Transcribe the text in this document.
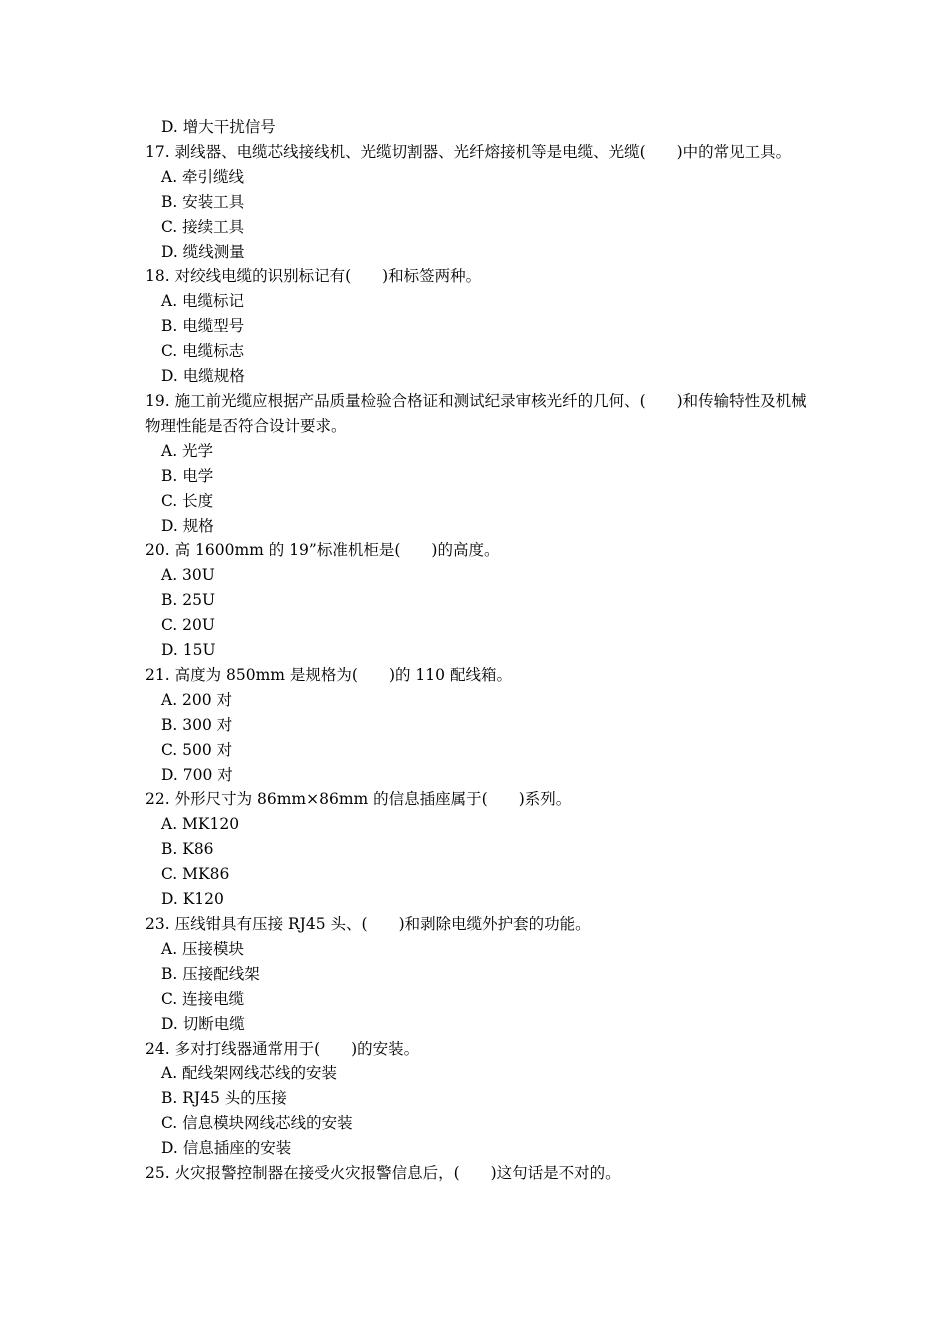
D. 增大干扰信号
17. 剥线器、电缆芯线接线机、光缆切割器、光纤熔接机等是电缆、光缆(　　)中的常见工具。
A. 牵引缆线
B. 安装工具
C. 接续工具
D. 缆线测量
18. 对绞线电缆的识别标记有(　　)和标签两种。
A. 电缆标记
B. 电缆型号
C. 电缆标志
D. 电缆规格
19. 施工前光缆应根据产品质量检验合格证和测试纪录审核光纤的几何、(　　)和传输特性及机械物理性能是否符合设计要求。
A. 光学
B. 电学
C. 长度
D. 规格
20. 高 1600mm 的 19”标准机柜是(　　)的高度。
A. 30U
B. 25U
C. 20U
D. 15U
21. 高度为 850mm 是规格为(　　)的 110 配线箱。
A. 200 对
B. 300 对
C. 500 对
D. 700 对
22. 外形尺寸为 86mm×86mm 的信息插座属于(　　)系列。
A. MK120
B. K86
C. MK86
D. K120
23. 压线钳具有压接 RJ45 头、(　　)和剥除电缆外护套的功能。
A. 压接模块
B. 压接配线架
C. 连接电缆
D. 切断电缆
24. 多对打线器通常用于(　　)的安装。
A. 配线架网线芯线的安装
B. RJ45 头的压接
C. 信息模块网线芯线的安装
D. 信息插座的安装
25. 火灾报警控制器在接受火灾报警信息后，(　　)这句话是不对的。
